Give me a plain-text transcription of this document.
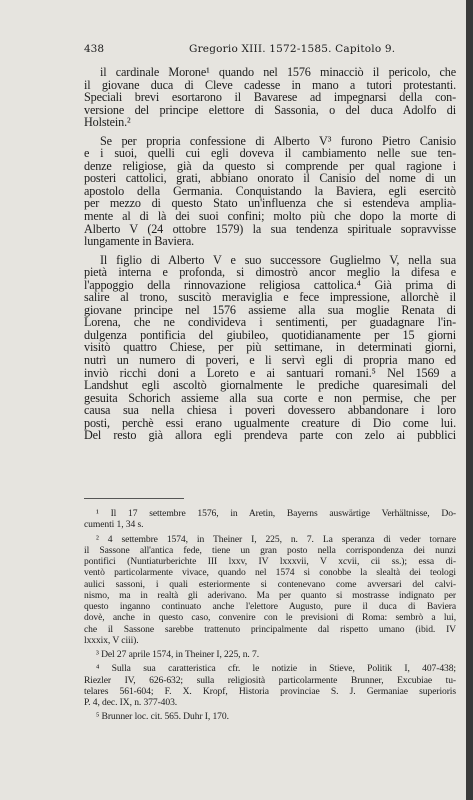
438	Gregorio XIII. 1572-1585. Capitolo 9.

il cardinale Morone¹ quando nel 1576 minacciò il pericolo, che
il giovane duca di Cleve cadesse in mano a tutori protestanti.
Speciali brevi esortarono il Bavarese ad impegnarsi della con-
versione del principe elettore di Sassonia, o del duca Adolfo di
Holstein.²

Se per propria confessione di Alberto V³ furono Pietro Canisio
e i suoi, quelli cui egli doveva il cambiamento nelle sue ten-
denze religiose, già da questo si comprende per qual ragione i
posteri cattolici, grati, abbiano onorato il Canisio del nome di un
apostolo della Germania. Conquistando la Baviera, egli esercitò
per mezzo di questo Stato un'influenza che si estendeva amplia-
mente al di là dei suoi confini; molto più che dopo la morte di
Alberto V (24 ottobre 1579) la sua tendenza spirituale sopravvisse
lungamente in Baviera.

Il figlio di Alberto V e suo successore Guglielmo V, nella sua
pietà interna e profonda, si dimostrò ancor meglio la difesa e
l'appoggio della rinnovazione religiosa cattolica.⁴ Già prima di
salire al trono, suscitò meraviglia e fece impressione, allorchè il
giovane principe nel 1576 assieme alla sua moglie Renata di
Lorena, che ne condivideva i sentimenti, per guadagnare l'in-
dulgenza pontificia del giubileo, quotidianamente per 15 giorni
visitò quattro Chiese, per più settimane, in determinati giorni,
nutrì un numero di poveri, e li servì egli di propria mano ed
inviò ricchi doni a Loreto e ai santuari romani.⁵ Nel 1569 a
Landshut egli ascoltò giornalmente le prediche quaresimali del
gesuita Schorich assieme alla sua corte e non permise, che per
causa sua nella chiesa i poveri dovessero abbandonare i loro
posti, perchè essi erano ugualmente creature di Dio come lui.
Del resto già allora egli prendeva parte con zelo ai pubblici

¹ Il 17 settembre 1576, in Aretin, Bayerns auswärtige Verhältnisse, Do-
cumenti 1, 34 s.
² 4 settembre 1574, in Theiner I, 225, n. 7. La speranza di veder tornare
il Sassone all'antica fede, tiene un gran posto nella corrispondenza dei nunzi
pontifici (Nuntiaturberichte III lxxv, IV lxxxvii, V xcvii, cii ss.); essa di-
ventò particolarmente vivace, quando nel 1574 si conobbe la slealtà dei teologi
aulici sassoni, i quali esteriormente si contenevano come avversari del calvi-
nismo, ma in realtà gli aderivano. Ma per quanto si mostrasse indignato per
questo inganno continuato anche l'elettore Augusto, pure il duca di Baviera
dovè, anche in questo caso, convenire con le previsioni di Roma: sembrò a lui,
che il Sassone sarebbe trattenuto principalmente dal rispetto umano (ibid. IV
lxxxix, V ciii).
³ Del 27 aprile 1574, in Theiner I, 225, n. 7.
⁴ Sulla sua caratteristica cfr. le notizie in Stieve, Politik I, 407-438;
Riezler IV, 626-632; sulla religiosità particolarmente Brunner, Excubiae tu-
telares 561-604; F. X. Kropf, Historia provinciae S. J. Germaniae superioris
P. 4, dec. IX, n. 377-403.
⁵ Brunner loc. cit. 565. Duhr I, 170.
